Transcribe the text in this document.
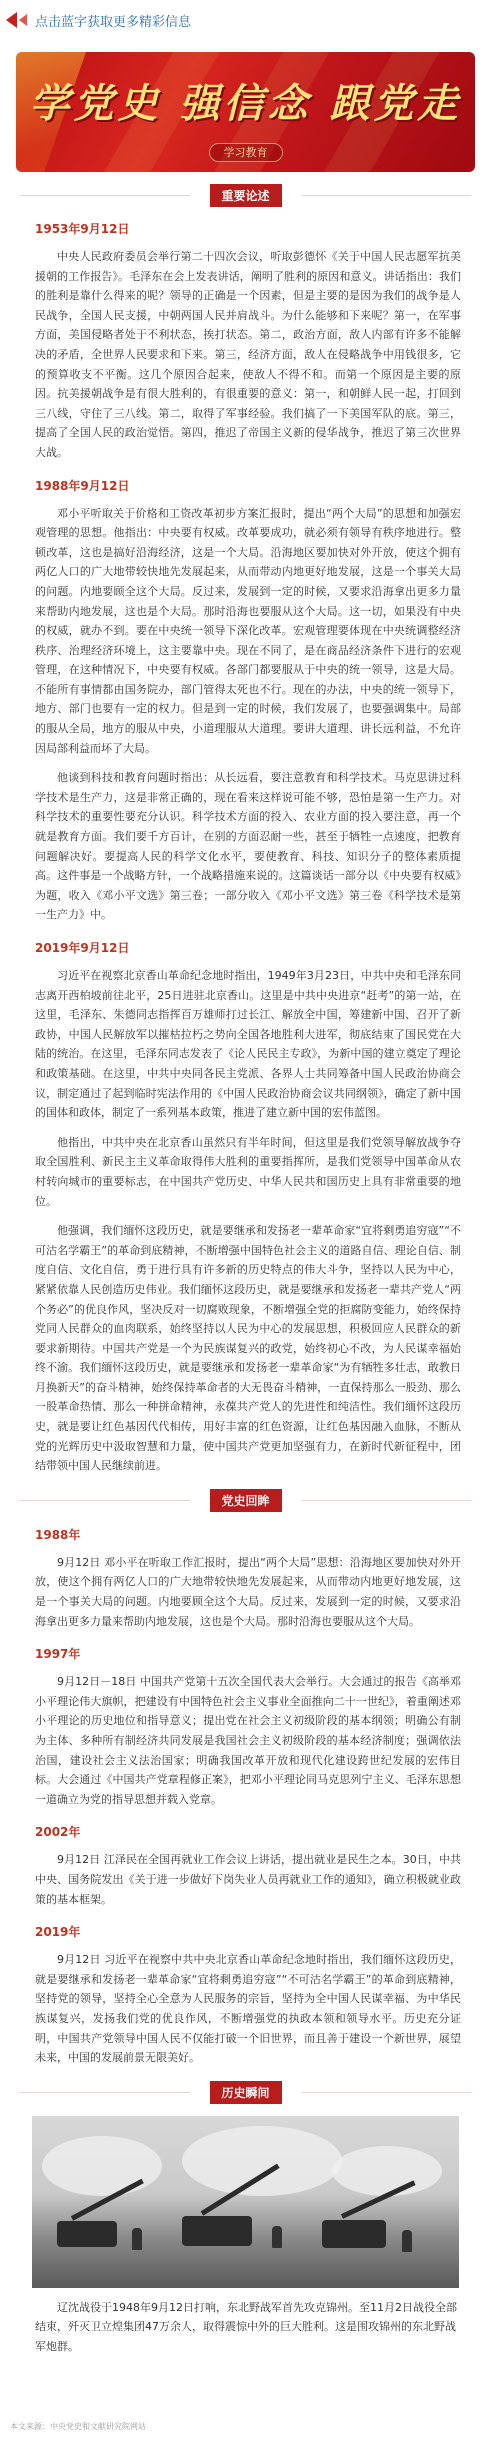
点击蓝字获取更多精彩信息
学党史 强信念 跟党走
学习教育
重要论述
1953年9月12日

中央人民政府委员会举行第二十四次会议，听取彭德怀《关于中国人民志愿军抗美援朝的工作报告》。毛泽东在会上发表讲话，阐明了胜利的原因和意义。讲话指出：我们的胜利是靠什么得来的呢？领导的正确是一个因素，但是主要的是因为我们的战争是人民战争，全国人民支援，中朝两国人民并肩战斗。为什么能够和下来呢？第一，在军事方面，美国侵略者处于不利状态，挨打状态。第二，政治方面，敌人内部有许多不能解决的矛盾，全世界人民要求和下来。第三，经济方面，敌人在侵略战争中用钱很多，它的预算收支不平衡。这几个原因合起来，使敌人不得不和。而第一个原因是主要的原因。抗美援朝战争是有很大胜利的，有很重要的意义：第一，和朝鲜人民一起，打回到三八线，守住了三八线。第二，取得了军事经验。我们搞了一下美国军队的底。第三，提高了全国人民的政治觉悟。第四，推迟了帝国主义新的侵华战争，推迟了第三次世界大战。

1988年9月12日

邓小平听取关于价格和工资改革初步方案汇报时，提出“两个大局”的思想和加强宏观管理的思想。他指出：中央要有权威。改革要成功，就必须有领导有秩序地进行。整顿改革，这也是搞好沿海经济，这是一个大局。沿海地区要加快对外开放，使这个拥有两亿人口的广大地带较快地先发展起来，从而带动内地更好地发展，这是一个事关大局的问题。内地要顾全这个大局。反过来，发展到一定的时候，又要求沿海拿出更多力量来帮助内地发展，这也是个大局。那时沿海也要服从这个大局。这一切，如果没有中央的权威，就办不到。要在中央统一领导下深化改革。宏观管理要体现在中央统调整经济秩序、治理经济环境上，这主要靠中央。现在不同了，是在商品经济条件下进行的宏观管理，在这种情况下，中央要有权威。各部门都要服从于中央的统一领导，这是大局。不能所有事情都由国务院办，部门管得太死也不行。现在的办法，中央的统一领导下，地方、部门也要有一定的权力。但是到一定的时候，我们发展了，也要强调集中。局部的服从全局，地方的服从中央，小道理服从大道理。要讲大道理、讲长远利益，不允许因局部利益而坏了大局。

他谈到科技和教育问题时指出：从长远看，要注意教育和科学技术。马克思讲过科学技术是生产力，这是非常正确的，现在看来这样说可能不够，恐怕是第一生产力。对科学技术的重要性要充分认识。科学技术方面的投入、农业方面的投入要注意，再一个就是教育方面。我们要千方百计，在别的方面忍耐一些，甚至于牺牲一点速度，把教育问题解决好。要提高人民的科学文化水平，要使教育、科技、知识分子的整体素质提高。这件事是一个战略方针，一个战略措施来说的。这篇谈话一部分以《中央要有权威》为题，收入《邓小平文选》第三卷；一部分收入《邓小平文选》第三卷《科学技术是第一生产力》中。

2019年9月12日

习近平在视察北京香山革命纪念地时指出，1949年3月23日，中共中央和毛泽东同志离开西柏坡前往北平，25日进驻北京香山。这里是中共中央进京“赶考”的第一站，在这里，毛泽东、朱德同志指挥百万雄师打过长江、解放全中国，筹建新中国、召开了新政协，中国人民解放军以摧枯拉朽之势向全国各地胜利大进军，彻底结束了国民党在大陆的统治。在这里，毛泽东同志发表了《论人民民主专政》，为新中国的建立奠定了理论和政策基础。在这里，中共中央同各民主党派、各界人士共同筹备中国人民政治协商会议，制定通过了起到临时宪法作用的《中国人民政治协商会议共同纲领》，确定了新中国的国体和政体，制定了一系列基本政策，推进了建立新中国的宏伟蓝图。

他指出，中共中央在北京香山虽然只有半年时间，但这里是我们党领导解放战争夺取全国胜利、新民主主义革命取得伟大胜利的重要指挥所，是我们党领导中国革命从农村转向城市的重要标志，在中国共产党历史、中华人民共和国历史上具有非常重要的地位。

他强调，我们缅怀这段历史，就是要继承和发扬老一辈革命家“宜将剩勇追穷寇”“不可沽名学霸王”的革命到底精神，不断增强中国特色社会主义的道路自信、理论自信、制度自信、文化自信，勇于进行具有许多新的历史特点的伟大斗争，坚持以人民为中心，紧紧依靠人民创造历史伟业。我们缅怀这段历史，就是要继承和发扬老一辈共产党人“两个务必”的优良作风，坚决反对一切腐败现象，不断增强全党的拒腐防变能力，始终保持党同人民群众的血肉联系，始终坚持以人民为中心的发展思想，积极回应人民群众的新要求新期待。中国共产党是一个为民族谋复兴的政党，始终初心不改，为人民谋幸福始终不渝。我们缅怀这段历史，就是要继承和发扬老一辈革命家“为有牺牲多壮志，敢教日月换新天”的奋斗精神，始终保持革命者的大无畏奋斗精神，一直保持那么一股劲、那么一股革命热情、那么一种拼命精神，永葆共产党人的先进性和纯洁性。我们缅怀这段历史，就是要让红色基因代代相传，用好丰富的红色资源，让红色基因融入血脉，不断从党的光辉历史中汲取智慧和力量，使中国共产党更加坚强有力，在新时代新征程中，团结带领中国人民继续前进。

党史回眸
1988年

9月12日 邓小平在听取工作汇报时，提出“两个大局”思想：沿海地区要加快对外开放，使这个拥有两亿人口的广大地带较快地先发展起来，从而带动内地更好地发展，这是一个事关大局的问题。内地要顾全这个大局。反过来，发展到一定的时候，又要求沿海拿出更多力量来帮助内地发展，这也是个大局。那时沿海也要服从这个大局。

1997年

9月12日－18日 中国共产党第十五次全国代表大会举行。大会通过的报告《高举邓小平理论伟大旗帜，把建设有中国特色社会主义事业全面推向二十一世纪》，着重阐述邓小平理论的历史地位和指导意义；提出党在社会主义初级阶段的基本纲领；明确公有制为主体、多种所有制经济共同发展是我国社会主义初级阶段的基本经济制度；强调依法治国，建设社会主义法治国家；明确我国改革开放和现代化建设跨世纪发展的宏伟目标。大会通过《中国共产党章程修正案》，把邓小平理论同马克思列宁主义、毛泽东思想一道确立为党的指导思想并载入党章。

2002年

9月12日 江泽民在全国再就业工作会议上讲话，提出就业是民生之本。30日，中共中央、国务院发出《关于进一步做好下岗失业人员再就业工作的通知》，确立积极就业政策的基本框架。

2019年

9月12日 习近平在视察中共中央北京香山革命纪念地时指出，我们缅怀这段历史，就是要继承和发扬老一辈革命家“宜将剩勇追穷寇”“不可沽名学霸王”的革命到底精神，坚持党的领导，坚持全心全意为人民服务的宗旨，坚持为全中国人民谋幸福、为中华民族谋复兴，发扬我们党的优良作风，不断增强党的执政本领和领导水平。历史充分证明，中国共产党领导中国人民不仅能打破一个旧世界，而且善于建设一个新世界，展望未来，中国的发展前景无限美好。

历史瞬间

辽沈战役于1948年9月12日打响，东北野战军首先攻克锦州。至11月2日战役全部结束，歼灭卫立煌集团47万余人，取得震惊中外的巨大胜利。这是围攻锦州的东北野战军炮群。

本文来源：中央党史和文献研究院网站
